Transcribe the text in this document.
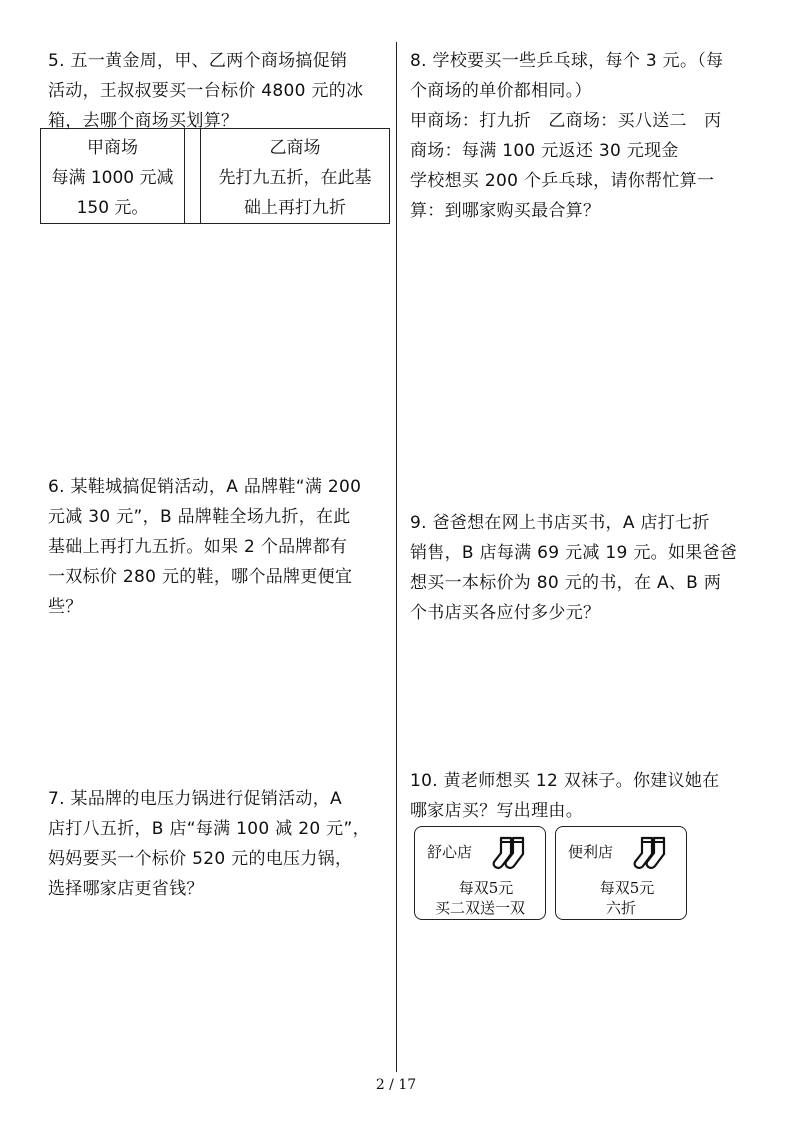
5. 五一黄金周，甲、乙两个商场搞促销

活动，王叔叔要买一台标价 4800 元的冰

箱，去哪个商场买划算？

甲商场
每满 1000 元减
150 元。
乙商场
先打九五折，在此基
础上再打九折

8. 学校要买一些乒乓球，每个 3 元。（每

个商场的单价都相同。）

甲商场：打九折　乙商场：买八送二　丙

商场：每满 100 元返还 30 元现金

学校想买 200 个乒乓球，请你帮忙算一

算：到哪家购买最合算？

6. 某鞋城搞促销活动，A 品牌鞋“满 200

元减 30 元”，B 品牌鞋全场九折，在此

基础上再打九五折。如果 2 个品牌都有

一双标价 280 元的鞋，哪个品牌更便宜

些？

9. 爸爸想在网上书店买书，A 店打七折

销售，B 店每满 69 元减 19 元。如果爸爸

想买一本标价为 80 元的书，在 A、B 两

个书店买各应付多少元？

7. 某品牌的电压力锅进行促销活动，A

店打八五折，B 店“每满 100 减 20 元”，

妈妈要买一个标价 520 元的电压力锅，

选择哪家店更省钱？

10. 黄老师想买 12 双袜子。你建议她在

哪家店买？写出理由。

舒心店
每双5元
买二双送一双
便利店
每双5元
六折
2 / 17
